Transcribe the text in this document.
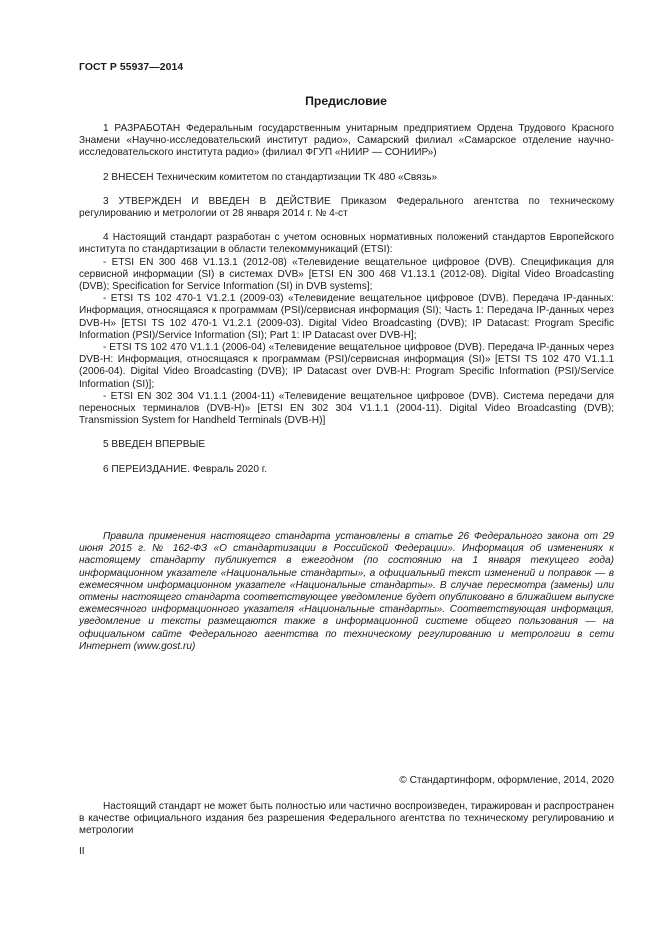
ГОСТ Р 55937—2014
Предисловие

1 РАЗРАБОТАН Федеральным государственным унитарным предприятием Ордена Трудового Красного Знамени «Научно-исследовательский институт радио», Самарский филиал «Самарское отделение научно-исследовательского института радио» (филиал ФГУП «НИИР — СОНИИР»)

2 ВНЕСЕН Техническим комитетом по стандартизации ТК 480 «Связь»

3 УТВЕРЖДЕН И ВВЕДЕН В ДЕЙСТВИЕ Приказом Федерального агентства по техническому регулированию и метрологии от 28 января 2014 г. № 4-ст

4 Настоящий стандарт разработан с учетом основных нормативных положений стандартов Европейского института по стандартизации в области телекоммуникаций (ETSI):

- ETSI EN 300 468 V1.13.1 (2012-08) «Телевидение вещательное цифровое (DVB). Спецификация для сервисной информации (SI) в системах DVB» [ETSI EN 300 468 V1.13.1 (2012-08). Digital Video Broadcasting (DVB); Specification for Service Information (SI) in DVB systems];

- ETSI TS 102 470-1 V1.2.1 (2009-03) «Телевидение вещательное цифровое (DVB). Передача IP-данных: Информация, относящаяся к программам (PSI)/сервисная информация (SI); Часть 1: Передача IP-данных через DVB-H» [ETSI TS 102 470-1 V1.2.1 (2009-03). Digital Video Broadcasting (DVB); IP Datacast: Program Specific Information (PSI)/Service Information (SI); Part 1: IP Datacast over DVB-H];

- ETSI TS 102 470 V1.1.1 (2006-04) «Телевидение вещательное цифровое (DVB). Передача IP-данных через DVB-H: Информация, относящаяся к программам (PSI)/сервисная информация (SI)» [ETSI TS 102 470 V1.1.1 (2006-04). Digital Video Broadcasting (DVB); IP Datacast over DVB-H: Program Specific Information (PSI)/Service Information (SI)];

- ETSI EN 302 304 V1.1.1 (2004-11) «Телевидение вещательное цифровое (DVB). Система передачи для переносных терминалов (DVB-H)» [ETSI EN 302 304 V1.1.1 (2004-11). Digital Video Broadcasting (DVB); Transmission System for Handheld Terminals (DVB-H)]

5 ВВЕДЕН ВПЕРВЫЕ

6 ПЕРЕИЗДАНИЕ. Февраль 2020 г.

Правила применения настоящего стандарта установлены в статье 26 Федерального закона от 29 июня 2015 г. № 162-ФЗ «О стандартизации в Российской Федерации». Информация об изменениях к настоящему стандарту публикуется в ежегодном (по состоянию на 1 января текущего года) информационном указателе «Национальные стандарты», а официальный текст изменений и поправок — в ежемесячном информационном указателе «Национальные стандарты». В случае пересмотра (замены) или отмены настоящего стандарта соответствующее уведомление будет опубликовано в ближайшем выпуске ежемесячного информационного указателя «Национальные стандарты». Соответствующая информация, уведомление и тексты размещаются также в информационной системе общего пользования — на официальном сайте Федерального агентства по техническому регулированию и метрологии в сети Интернет (www.gost.ru)
© Стандартинформ, оформление, 2014, 2020
Настоящий стандарт не может быть полностью или частично воспроизведен, тиражирован и распространен в качестве официального издания без разрешения Федерального агентства по техническому регулированию и метрологии
II
